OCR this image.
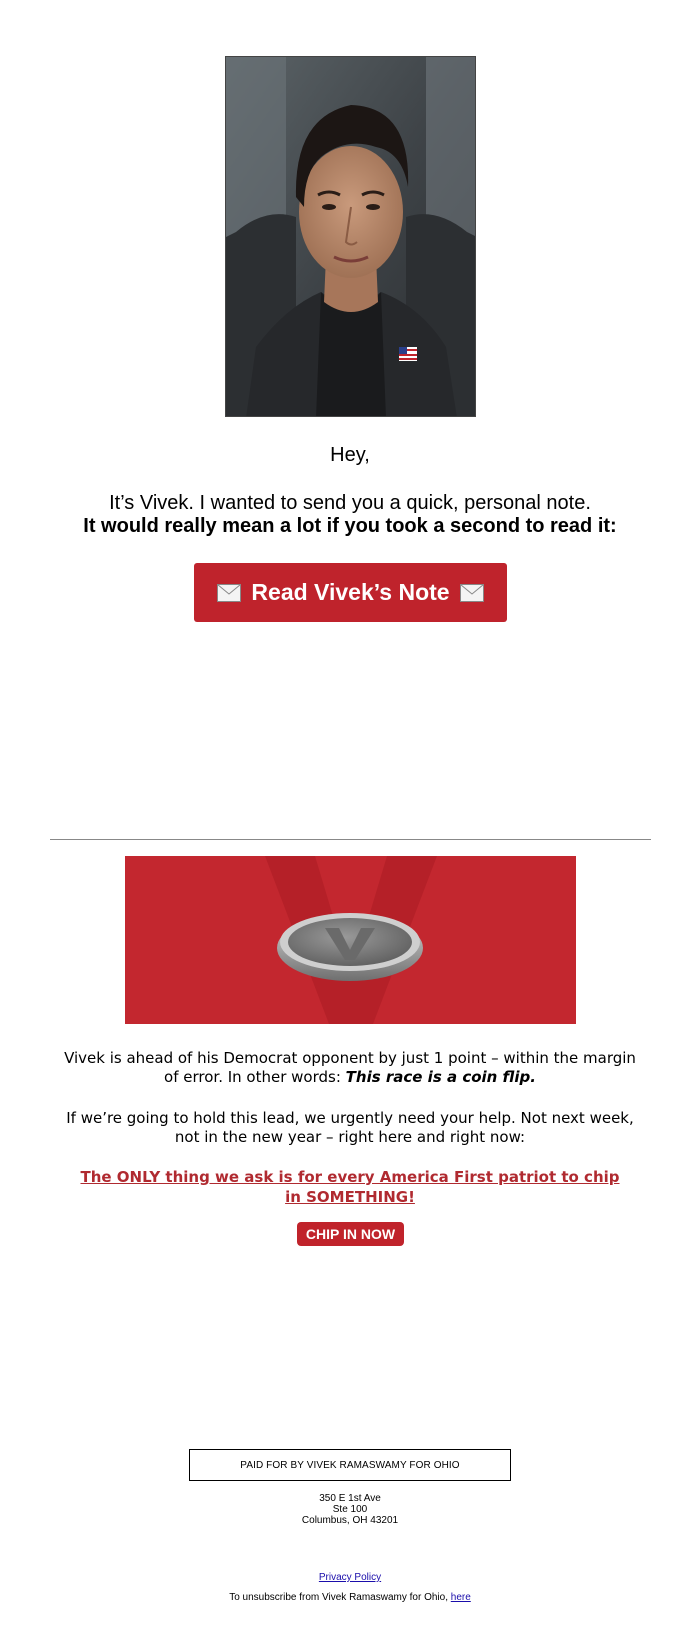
Hey,
It’s Vivek. I wanted to send you a quick, personal note.
It would really mean a lot if you took a second to read it:
Read Vivek’s Note
Vivek is ahead of his Democrat opponent by just 1 point – within the margin of error. In other words: This race is a coin flip.
If we’re going to hold this lead, we urgently need your help. Not next week, not in the new year – right here and right now:
The ONLY thing we ask is for every America First patriot to chip in SOMETHING!
CHIP IN NOW
PAID FOR BY VIVEK RAMASWAMY FOR OHIO
350 E 1st Ave
Ste 100
Columbus, OH 43201
Privacy Policy
To unsubscribe from Vivek Ramaswamy for Ohio, here
